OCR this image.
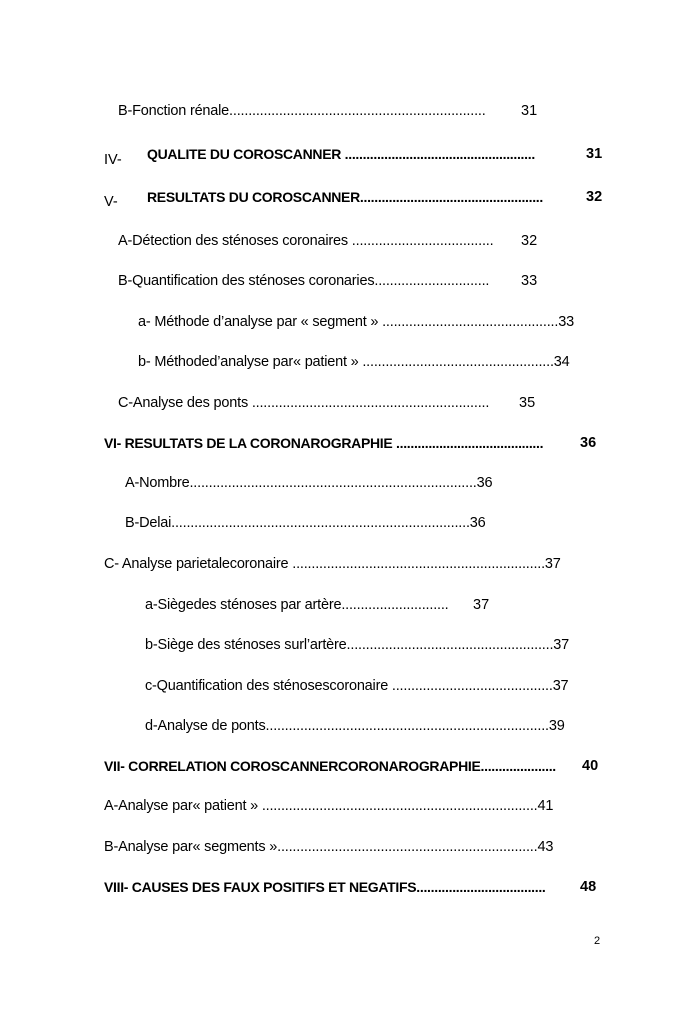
B-Fonction rénale................................................................... 31
IV- QUALITE DU COROSCANNER .....................................................	31
V- RESULTATS DU COROSCANNER...................................................	32
A-Détection des sténoses coronaires ..................................... 32
B-Quantification des sténoses coronaries.............................. 33
a- Méthode d’analyse par « segment » ..............................................33
b- Méthoded’analyse par« patient » ..................................................34
C-Analyse des ponts .............................................................. 35
VI- RESULTATS DE LA CORONAROGRAPHIE .........................................	36
A-Nombre...........................................................................36
B-Delai..............................................................................36
C- Analyse parietalecoronaire ..................................................................37
a-Siègedes sténoses par artère............................ 37
b-Siège des sténoses surl’artère......................................................37
c-Quantification des sténosescoronaire ..........................................37
d-Analyse de ponts..........................................................................39
VII- CORRELATION COROSCANNERCORONAROGRAPHIE..................... 40
A-Analyse par« patient » ........................................................................41
B-Analyse par« segments »....................................................................43
VIII- CAUSES DES FAUX POSITIFS ET NEGATIFS.................................... 48
2
